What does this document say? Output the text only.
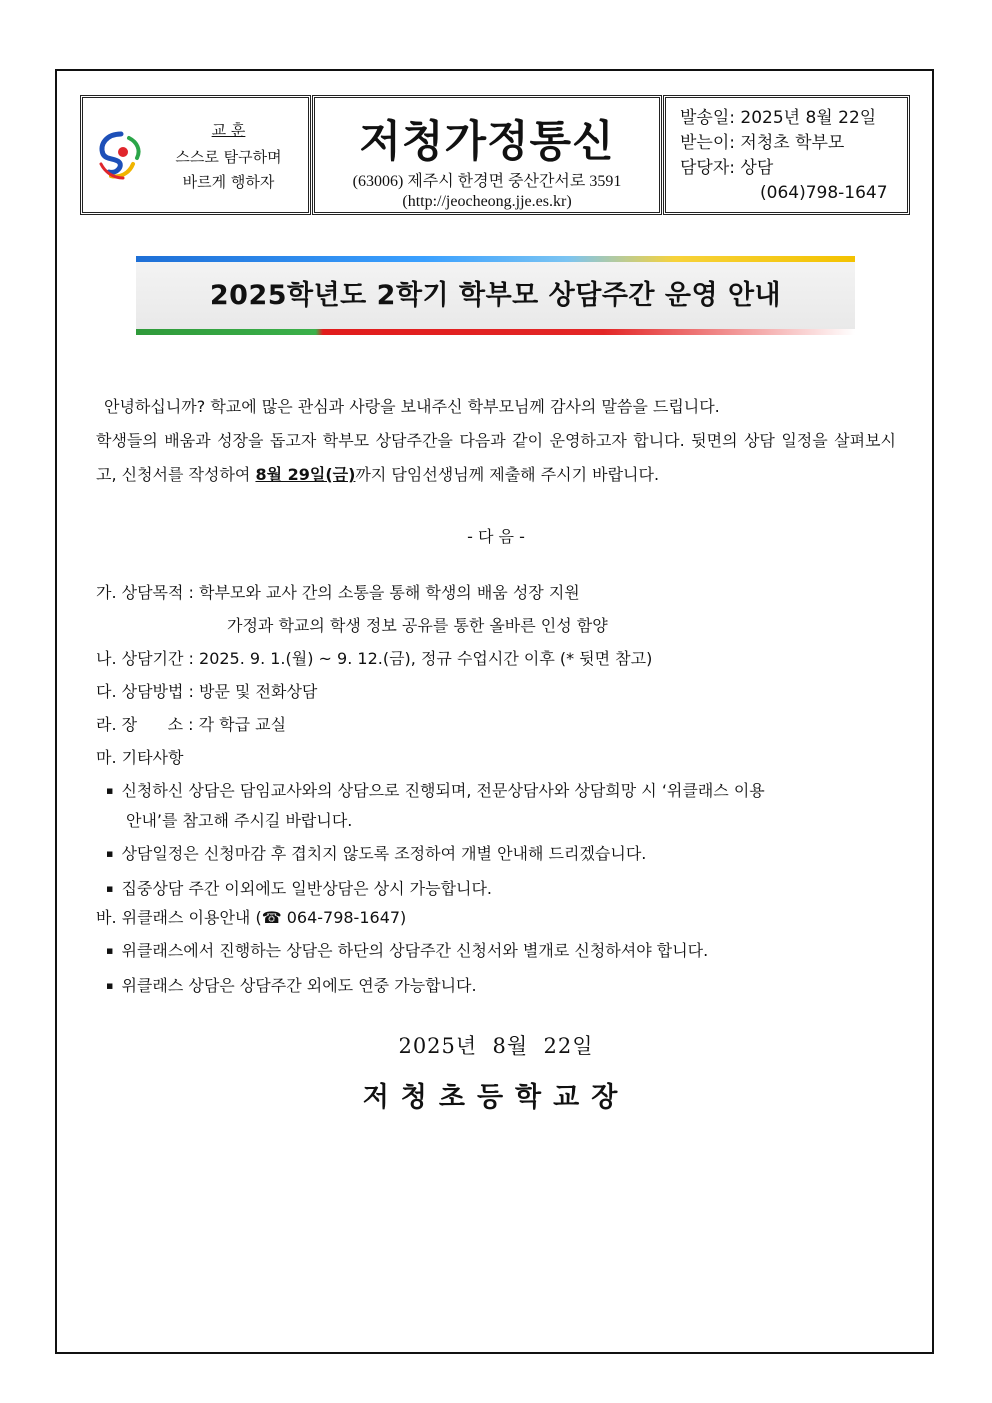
교 훈
스스로 탐구하며
바르게 행하자
저청가정통신
(63006) 제주시 한경면 중산간서로 3591
(http://jeocheong.jje.es.kr)
발송일: 2025년 8월 22일
받는이: 저청초 학부모
담당자: 상담
(064)798-1647
2025학년도 2학기 학부모 상담주간 운영 안내

안녕하십니까? 학교에 많은 관심과 사랑을 보내주신 학부모님께 감사의 말씀을 드립니다.

학생들의 배움과 성장을 돕고자 학부모 상담주간을 다음과 같이 운영하고자 합니다. 뒷면의 상담 일정을 살펴보시고, 신청서를 작성하여 8월 29일(금)까지 담임선생님께 제출해 주시기 바랍니다.

- 다 음 -
가. 상담목적 : 학부모와 교사 간의 소통을 통해 학생의 배움 성장 지원
가정과 학교의 학생 정보 공유를 통한 올바른 인성 함양
나. 상담기간 : 2025. 9. 1.(월) ~ 9. 12.(금), 정규 수업시간 이후 (* 뒷면 참고)
다. 상담방법 : 방문 및 전화상담
라. 장      소 : 각 학급 교실
마. 기타사항
▪ 신청하신 상담은 담임교사와의 상담으로 진행되며, 전문상담사와 상담희망 시 ‘위클래스 이용
안내’를 참고해 주시길 바랍니다.
▪ 상담일정은 신청마감 후 겹치지 않도록 조정하여 개별 안내해 드리겠습니다.
▪ 집중상담 주간 이외에도 일반상담은 상시 가능합니다.
바. 위클래스 이용안내 (☎ 064-798-1647)
▪ 위클래스에서 진행하는 상담은 하단의 상담주간 신청서와 별개로 신청하셔야 합니다.
▪ 위클래스 상담은 상담주간 외에도 연중 가능합니다.
2025년  8월  22일
저청초등학교장
